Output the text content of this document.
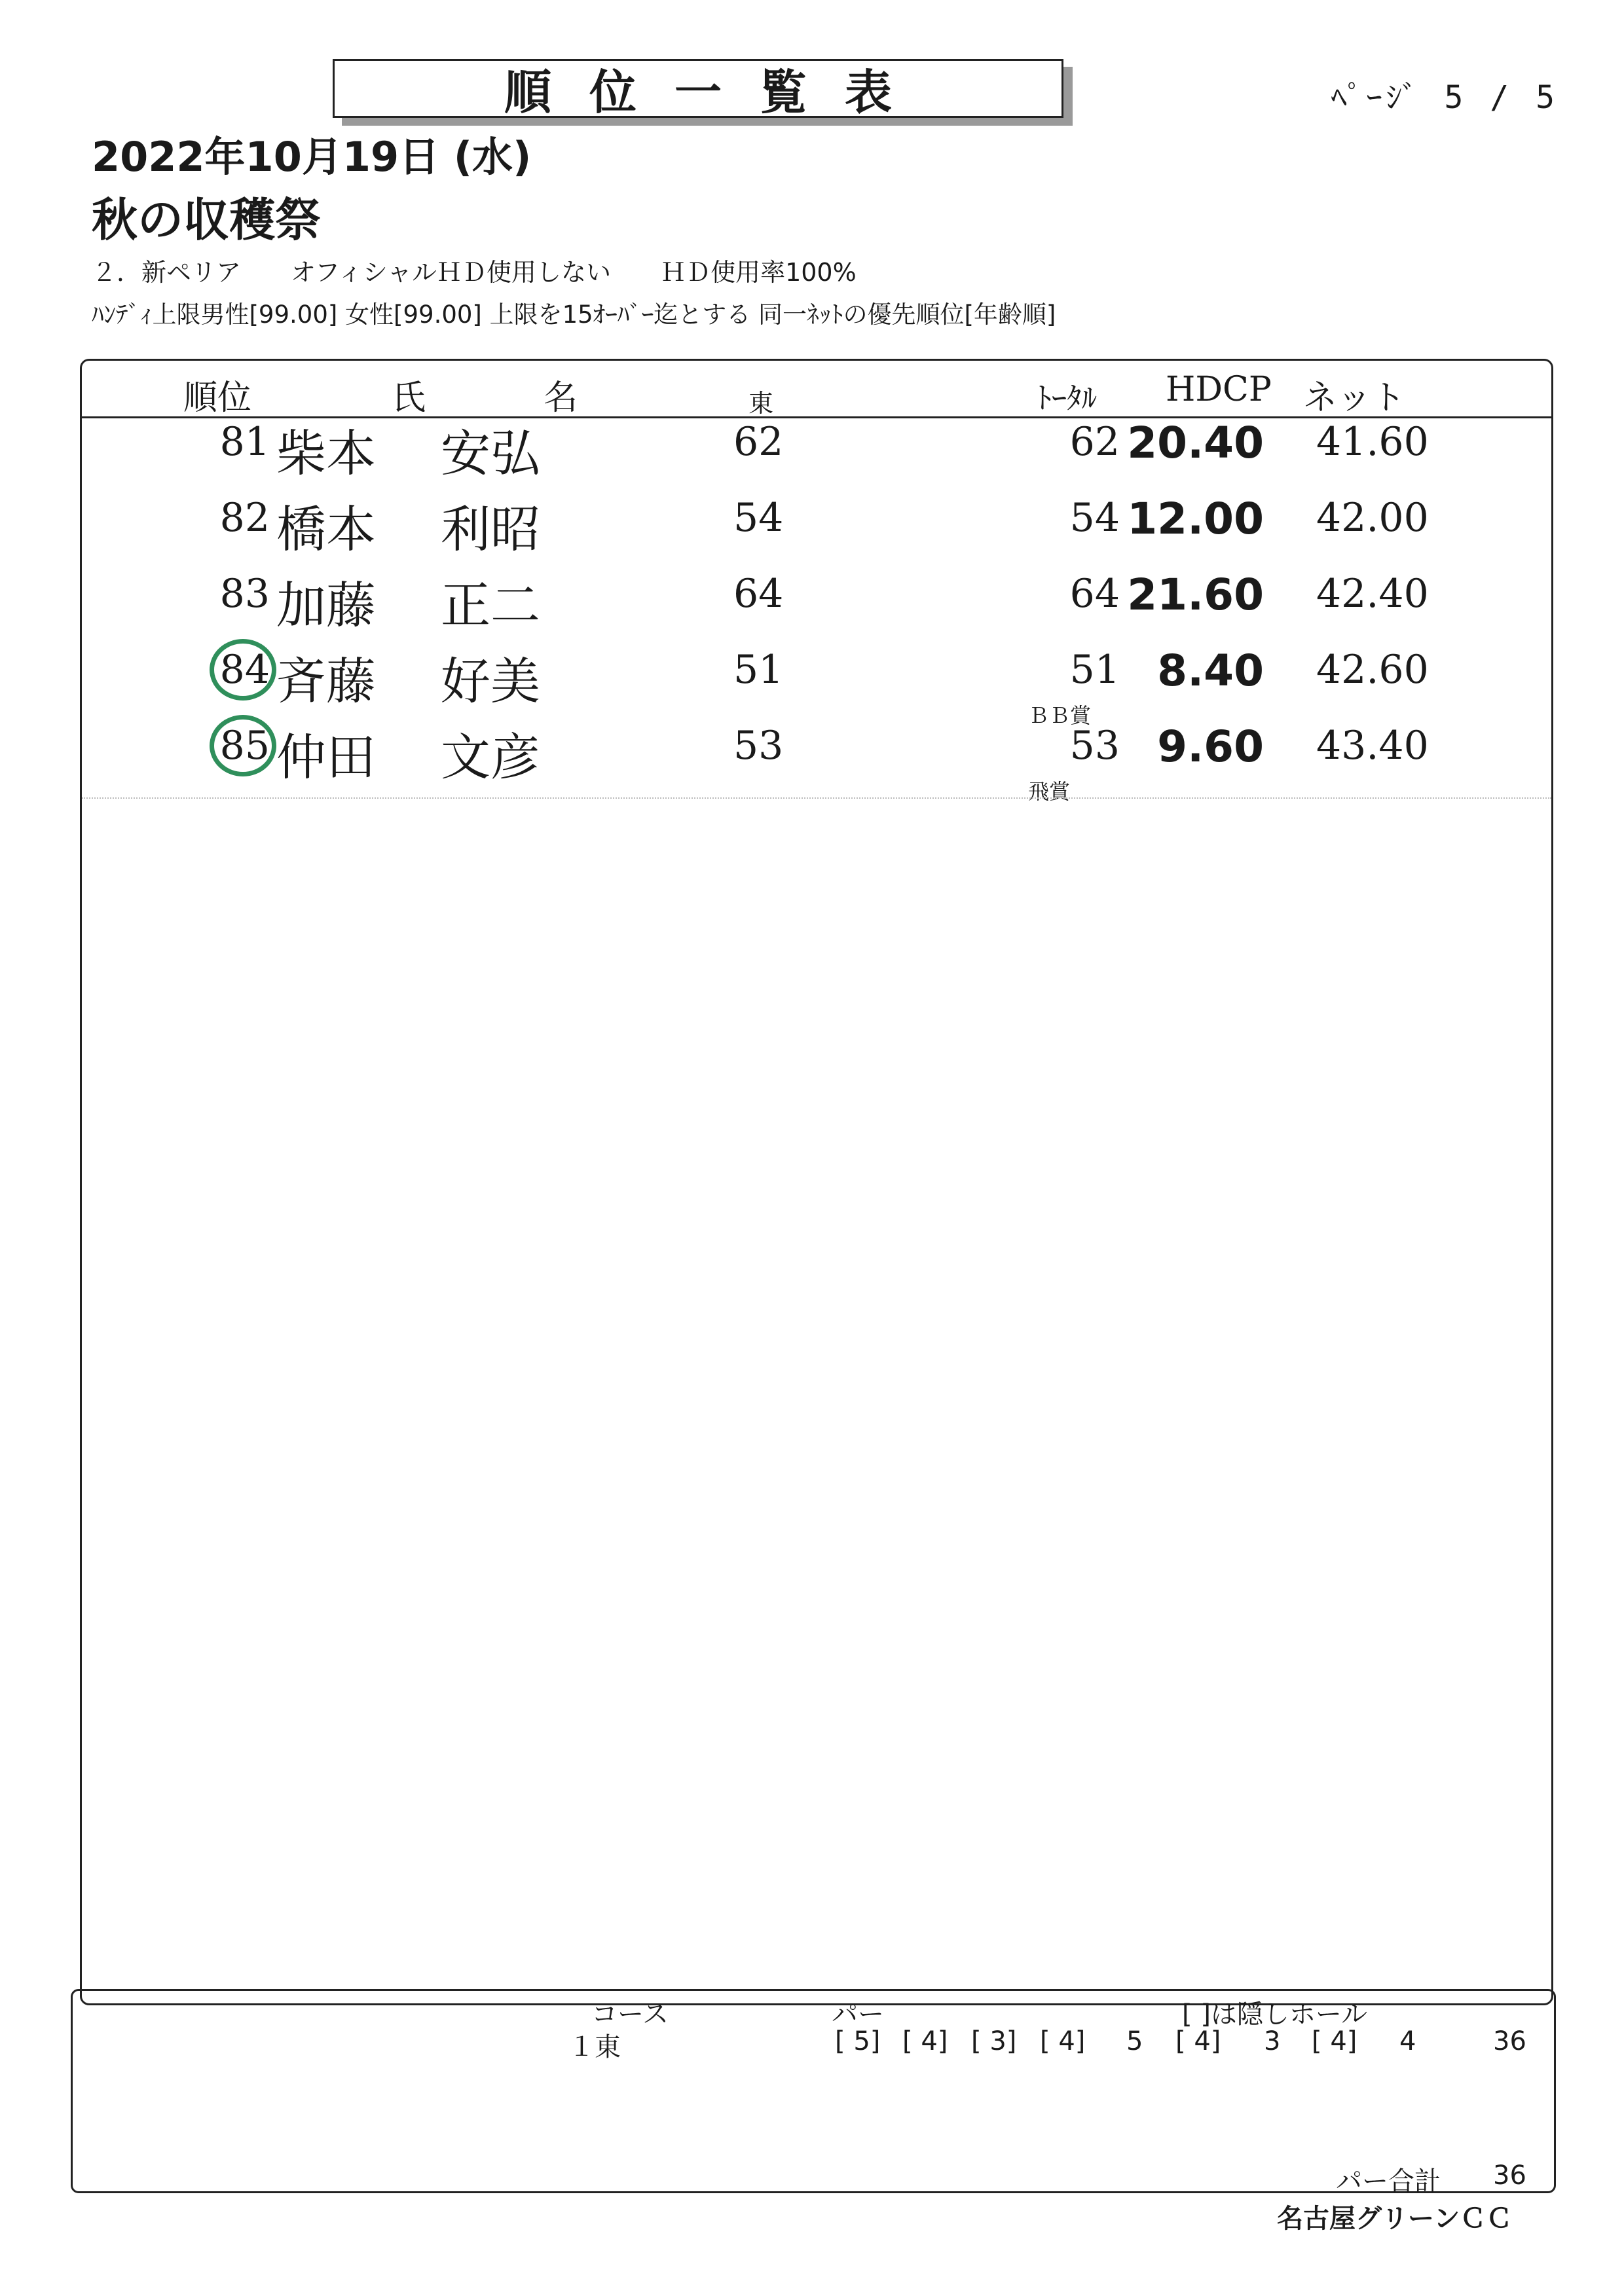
順位一覧表	ﾍﾟｰｼﾞ 5 / 5
2022年10月19日 (水)
秋の収穫祭
２．新ペリア　　オフィシャルＨＤ使用しない　　ＨＤ使用率100%
ﾊﾝﾃﾞｨ上限男性[99.00] 女性[99.00] 上限を15ｵｰﾊﾞｰ迄とする 同一ﾈｯﾄの優先順位[年齢順]
順位	氏	名	東	ﾄｰﾀﾙ HDCP ネット
81 柴本 安弘	62	62 20.40 41.60
82 橋本 利昭	54	54 12.00 42.00
83 加藤 正二	64	64 21.60 42.40
84 斉藤 好美	51	51 8.40 42.60
ＢＢ賞
85 仲田 文彦	53	53 9.60 43.40
飛賞
コース	パー	[ ]は隠しホール
１東	[ 5] [ 4] [ 3] [ 4] 5 [ 4] 3 [ 4] 4	36
パー合計 36
名古屋グリーンＣＣ
